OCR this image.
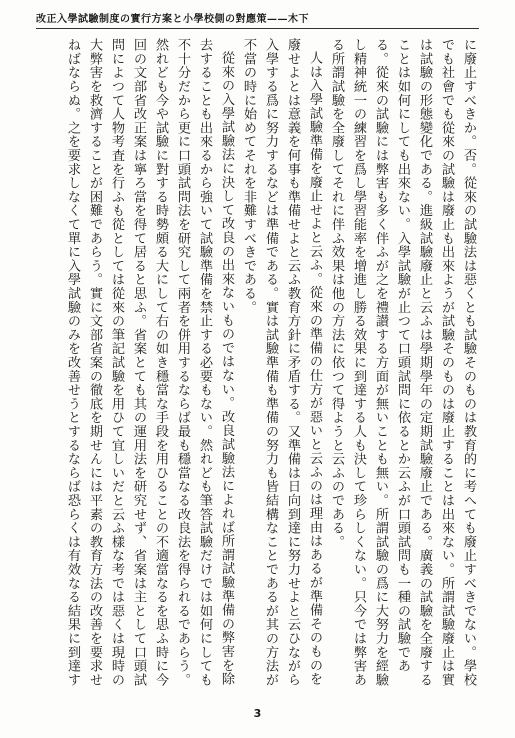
改正入學試驗制度の實行方案と小學校側の對應策——木下

に廢止すべきか。否。從來の試驗法は惡くとも試驗そのものは教育的に考へても廢止すべきでない。學校でも社會でも從來の試驗は廢止も出來ようが試驗そのものは廢止することは出來ない。所謂試驗廢止は實は試驗の形態變化である。進級試驗廢止と云ふは學期學年の定期試驗廢止である。廣義の試驗を全廢することは如何にしても出來ない。入學試驗が止つて口頭試問に依るとか云ふが口頭試問も一種の試驗である。從來の試驗には弊害も多く伴ふが之を禮讃する方面が無いことも無い。所謂試驗の爲に大努力を經驗し精神統一の練習を爲し學習能率を增進し勝る效果に到達する人も決して珍らしくない。只今では弊害ある所謂試驗を全廢してそれに伴ふ效果は他の方法に依つて得ようと云ふのである。

人は入學試驗準備を廢止せよと云ふ。從來の準備の仕方が惡いと云ふのは理由はあるが準備そのものを廢せよとは意義を何事も準備せよと云ふ教育方針に矛盾する。又準備は日向到達に努力せよと云ひながら入學する爲に努力するなどは準備である。實は試驗準備も準備の努力も皆結構なことであるが其の方法が不當の時に始めてそれを非難すべきである。

從來の入學試驗法に決して改良の出來ないものではない。改良試驗法によれば所謂試驗準備の弊害を除去することも出來るから強いて試驗準備を禁止する必要もない。然れども筆答試驗だけでは如何にしても不十分だから更に口頭試問法を研究して兩者を併用するならば最も穩當なる改良法を得られるであらう。然れども今や試驗に對する時勢頗る大にして右の如き穩當な手段を用ひることの不適當なるを思ふ時に今回の文部省改正案は寧ろ當を得て居ると思ふ。省案とても其の運用法を研究せず、省案は主として口頭試問によつて人物考査を行ふも從としては從來の筆記試驗を用ひて宜しいだと云ふ樣な考では惡くは現時の大弊害を救濟することが困難であらう。實に文部省案の徹底を期せんには平素の教育方法の改善を要求せねばならぬ。之を要求しなくて單に入學試驗のみを改善せうとするならば恐らくは有效なる結果に到達す

3
